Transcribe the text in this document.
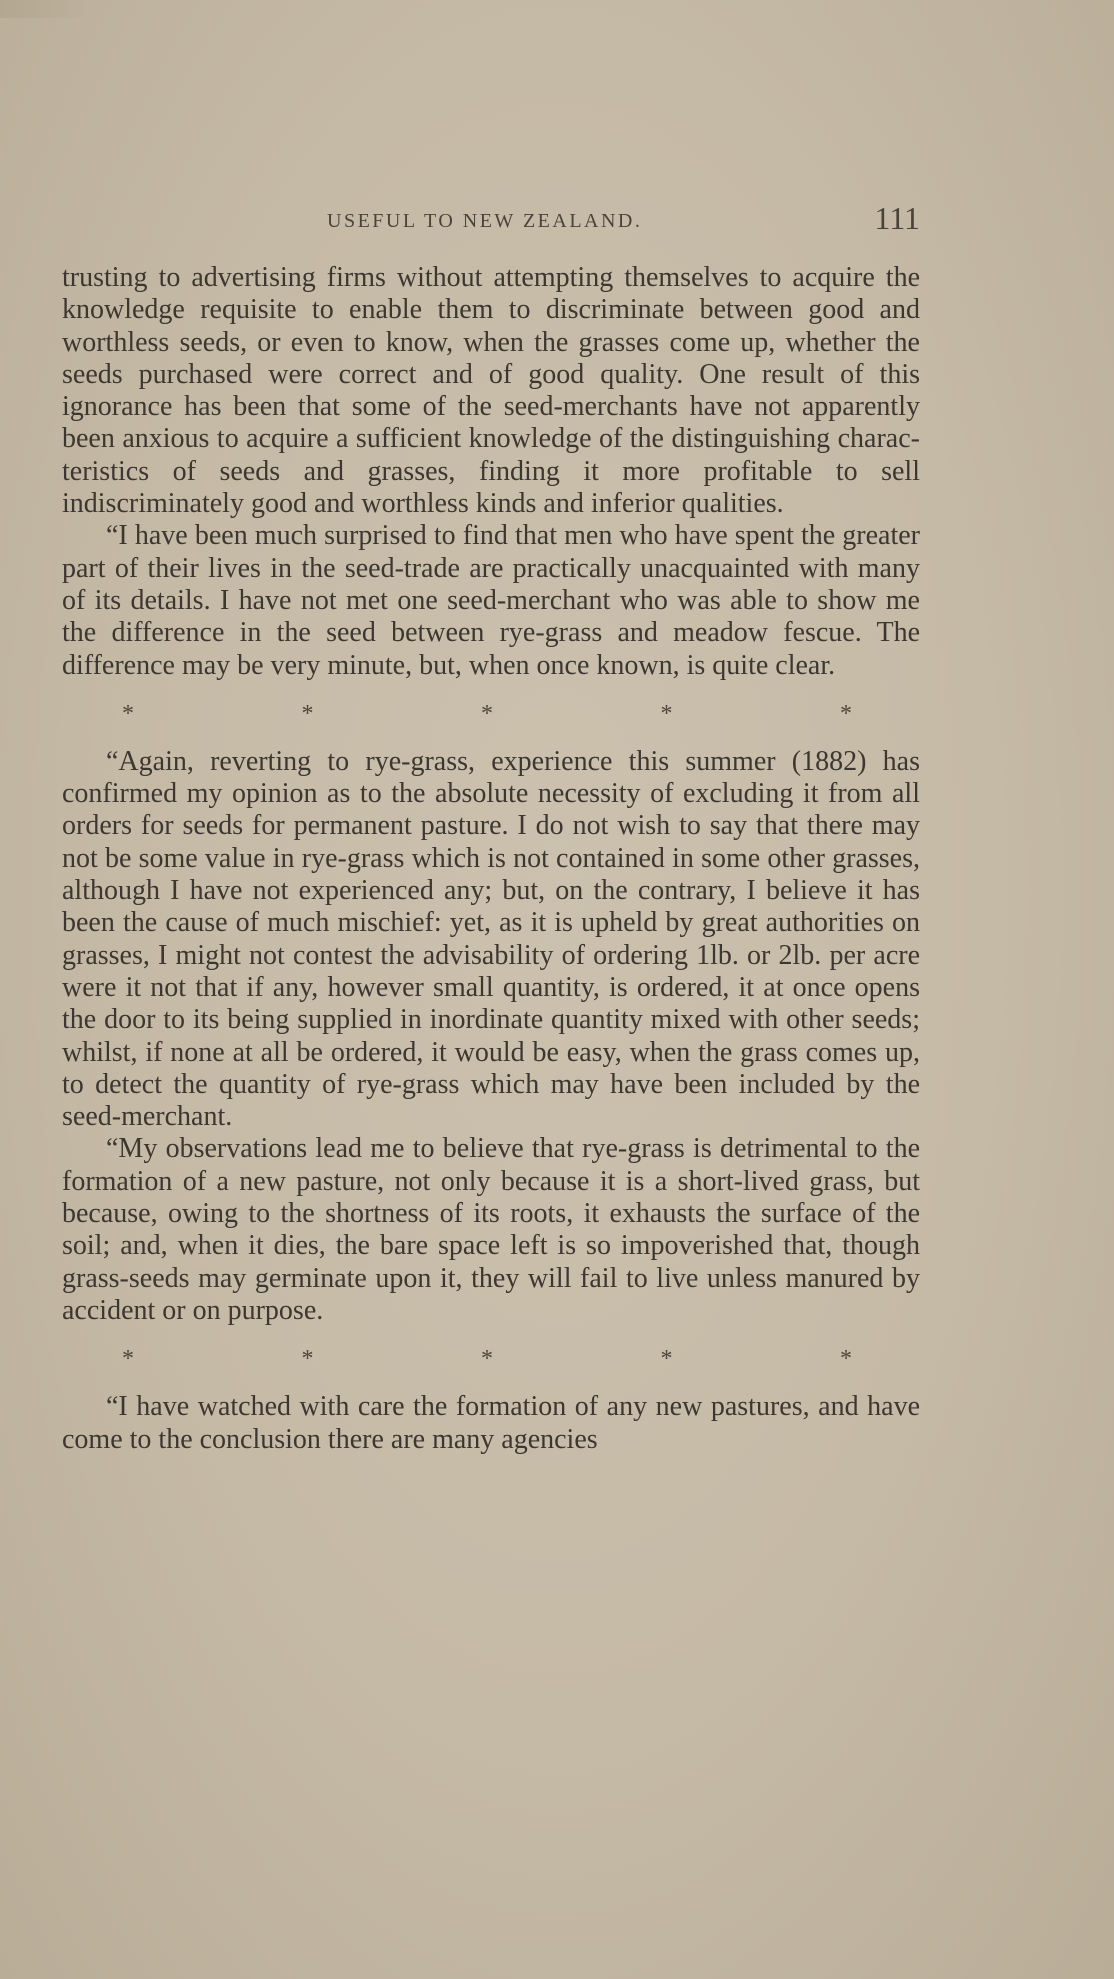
USEFUL TO NEW ZEALAND.	111

trusting to advertising firms without attempting themselves to acquire the knowledge requisite to enable them to discriminate between good and worthless seeds, or even to know, when the grasses come up, whether the seeds purchased were correct and of good quality. One result of this ignorance has been that some of the seed-merchants have not apparently been anxious to acquire a sufficient knowledge of the distinguishing characteristics of seeds and grasses, finding it more profitable to sell indiscriminately good and worthless kinds and inferior qualities.

“I have been much surprised to find that men who have spent the greater part of their lives in the seed-trade are practically unacquainted with many of its details. I have not met one seed-merchant who was able to show me the difference in the seed between rye-grass and meadow fescue. The difference may be very minute, but, when once known, is quite clear.

*	*	*	*	*

“Again, reverting to rye-grass, experience this summer (1882) has confirmed my opinion as to the absolute necessity of excluding it from all orders for seeds for permanent pasture. I do not wish to say that there may not be some value in rye-grass which is not contained in some other grasses, although I have not experienced any; but, on the contrary, I believe it has been the cause of much mischief: yet, as it is upheld by great authorities on grasses, I might not contest the advisability of ordering 1lb. or 2lb. per acre were it not that if any, however small quantity, is ordered, it at once opens the door to its being supplied in inordinate quantity mixed with other seeds; whilst, if none at all be ordered, it would be easy, when the grass comes up, to detect the quantity of rye-grass which may have been included by the seed-merchant.

“My observations lead me to believe that rye-grass is detrimental to the formation of a new pasture, not only because it is a short-lived grass, but because, owing to the shortness of its roots, it exhausts the surface of the soil; and, when it dies, the bare space left is so impoverished that, though grass-seeds may germinate upon it, they will fail to live unless manured by accident or on purpose.

*	*	*	*	*

“I have watched with care the formation of any new pastures, and have come to the conclusion there are many agencies
